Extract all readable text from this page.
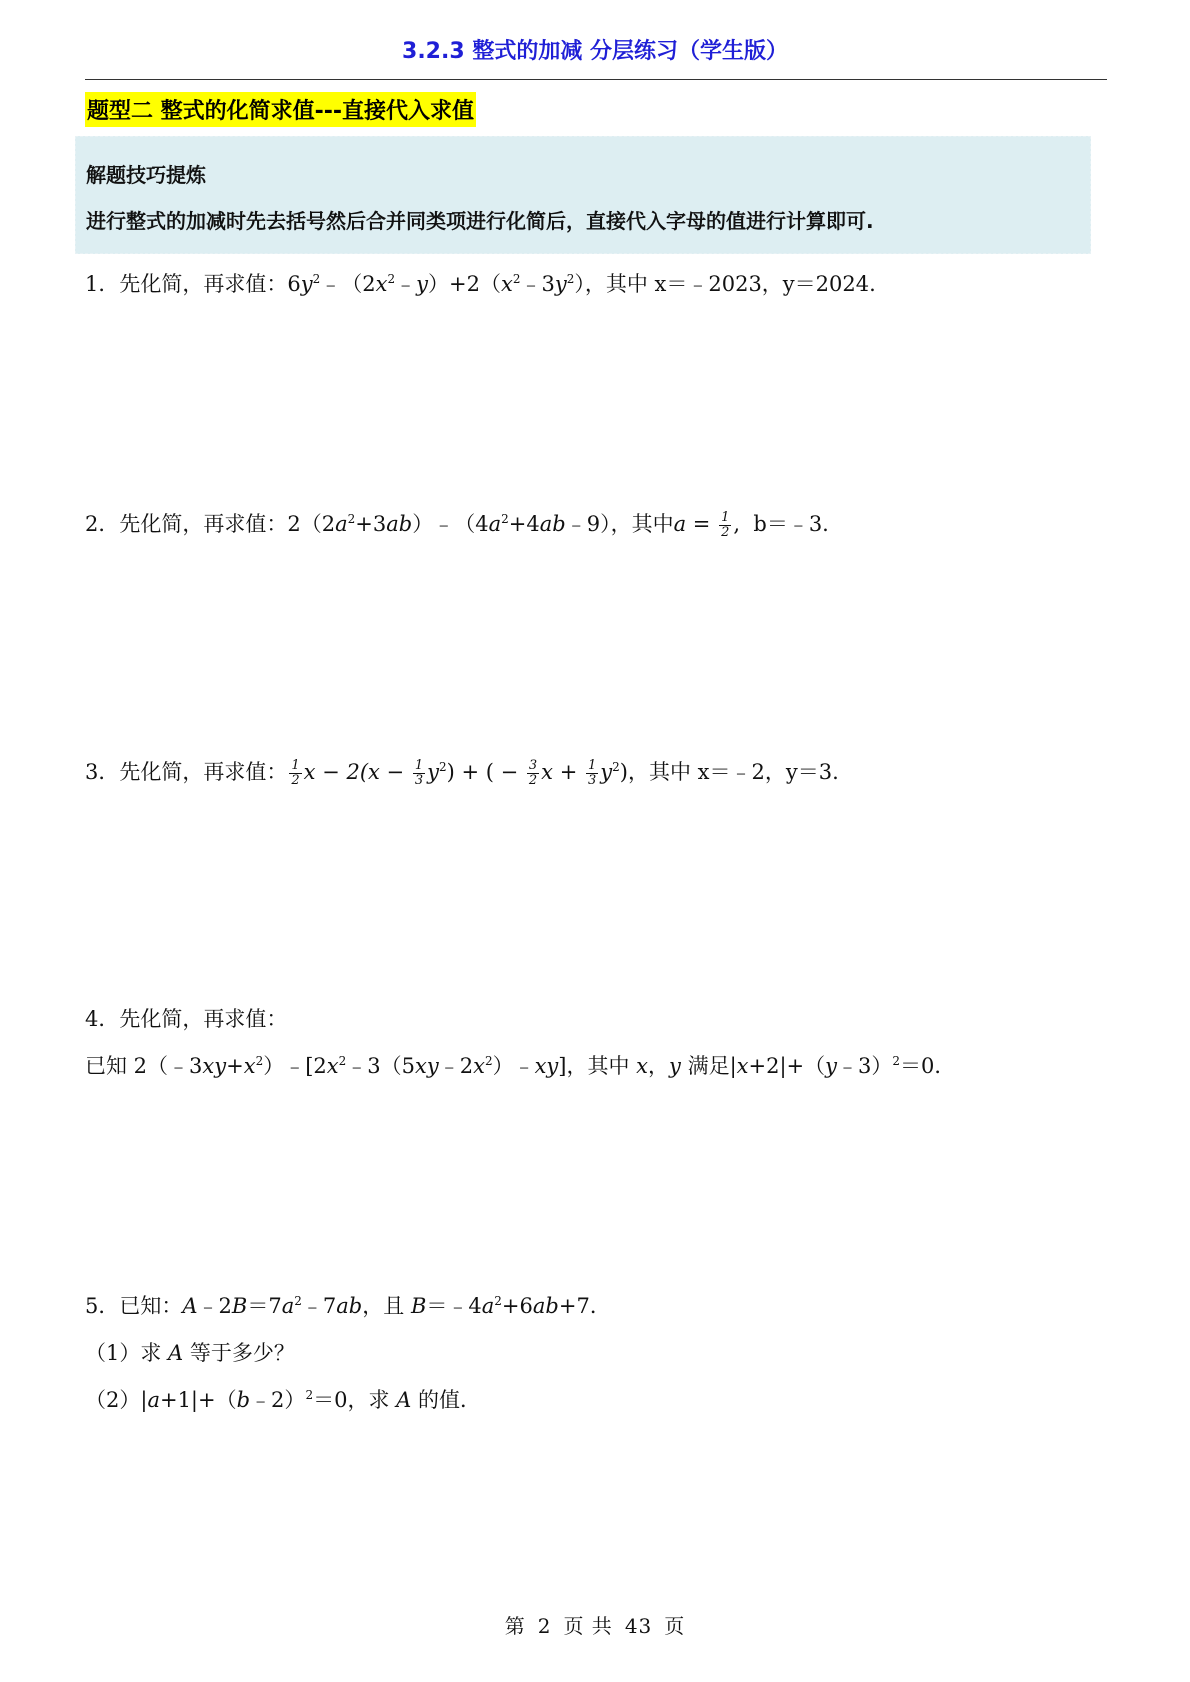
3.2.3 整式的加减 分层练习（学生版）
题型二 整式的化简求值---直接代入求值
解题技巧提炼
进行整式的加减时先去括号然后合并同类项进行化简后，直接代入字母的值进行计算即可.
1．先化简，再求值：$6y^2﹣(2x^2﹣y)+2(x^2﹣3y^2)$，其中 x＝﹣2023，y＝2024.
2．先化简，再求值：$2(2a^2+3ab)﹣(4a^2+4ab﹣9)$，其中$a = \frac{1}{2}$ ,  b＝﹣3.
3．先化简，再求值： $\frac{1}{2}$ $x - 2(x - \frac{1}{3} y^2)$ + ( − $\frac{3}{2}$ $x + \frac{1}{3} y^2$)，其中 x＝﹣2，y＝3.
4．先化简，再求值：
已知 $2(﹣3xy+x^2)﹣[2x^2﹣3(5xy﹣2x^2)﹣xy]$，其中 x，y 满足|x+2|+（y﹣3）$^2$＝0．
5．已知：$A﹣2B=7a^2﹣7ab$，且 $B=﹣4a^2+6ab+7$．
（1）求 A 等于多少？
（2）|a+1|+（b﹣2）$^2$＝0，求 A 的值．
第 2 页 共 43 页
